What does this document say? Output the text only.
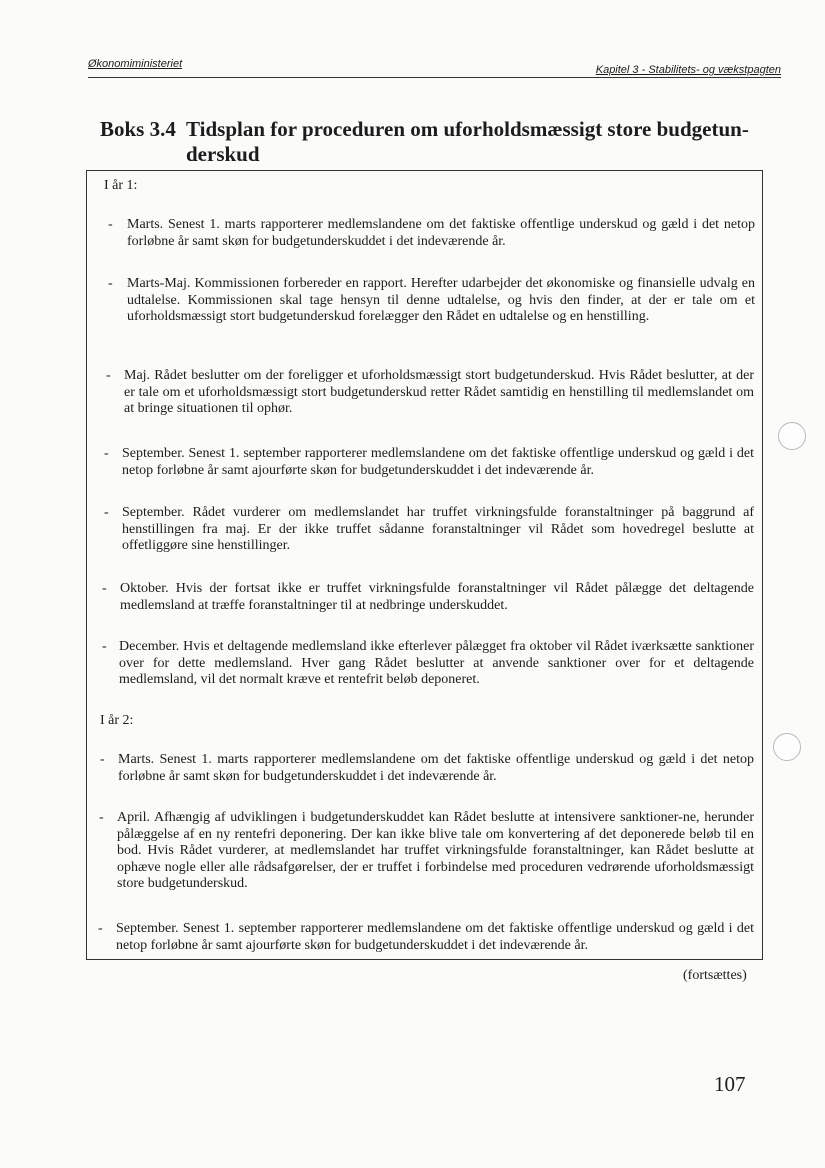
Økonomiministeriet	Kapitel 3 - Stabilitets- og vækstpagten
Boks 3.4 Tidsplan for proceduren om uforholdsmæssigt store budgetun-derskud
I år 1:
- Marts. Senest 1. marts rapporterer medlemslandene om det faktiske offentlige underskud og gæld i det netop forløbne år samt skøn for budgetunderskuddet i det indeværende år.
- Marts-Maj. Kommissionen forbereder en rapport. Herefter udarbejder det økonomiske og finansielle udvalg en udtalelse. Kommissionen skal tage hensyn til denne udtalelse, og hvis den finder, at der er tale om et uforholdsmæssigt stort budgetunderskud forelægger den Rådet en udtalelse og en henstilling.
- Maj. Rådet beslutter om der foreligger et uforholdsmæssigt stort budgetunderskud. Hvis Rådet beslutter, at der er tale om et uforholdsmæssigt stort budgetunderskud retter Rådet samtidig en henstilling til medlemslandet om at bringe situationen til ophør.
- September. Senest 1. september rapporterer medlemslandene om det faktiske offentlige underskud og gæld i det netop forløbne år samt ajourførte skøn for budgetunderskuddet i det indeværende år.
- September. Rådet vurderer om medlemslandet har truffet virkningsfulde foranstaltninger på baggrund af henstillingen fra maj. Er der ikke truffet sådanne foranstaltninger vil Rådet som hovedregel beslutte at offetliggøre sine henstillinger.
- Oktober. Hvis der fortsat ikke er truffet virkningsfulde foranstaltninger vil Rådet pålægge det deltagende medlemsland at træffe foranstaltninger til at nedbringe underskuddet.
- December. Hvis et deltagende medlemsland ikke efterlever pålægget fra oktober vil Rådet iværksætte sanktioner over for dette medlemsland. Hver gang Rådet beslutter at anvende sanktioner over for et deltagende medlemsland, vil det normalt kræve et rentefrit beløb deponeret.
I år 2:
- Marts. Senest 1. marts rapporterer medlemslandene om det faktiske offentlige underskud og gæld i det netop forløbne år samt skøn for budgetunderskuddet i det indeværende år.
- April. Afhængig af udviklingen i budgetunderskuddet kan Rådet beslutte at intensivere sanktioner-ne, herunder pålæggelse af en ny rentefri deponering. Der kan ikke blive tale om konvertering af det deponerede beløb til en bod. Hvis Rådet vurderer, at medlemslandet har truffet virkningsfulde foranstaltninger, kan Rådet beslutte at ophæve nogle eller alle rådsafgørelser, der er truffet i forbindelse med proceduren vedrørende uforholdsmæssigt store budgetunderskud.
- September. Senest 1. september rapporterer medlemslandene om det faktiske offentlige underskud og gæld i det netop forløbne år samt ajourførte skøn for budgetunderskuddet i det indeværende år.
(fortsættes)
107
